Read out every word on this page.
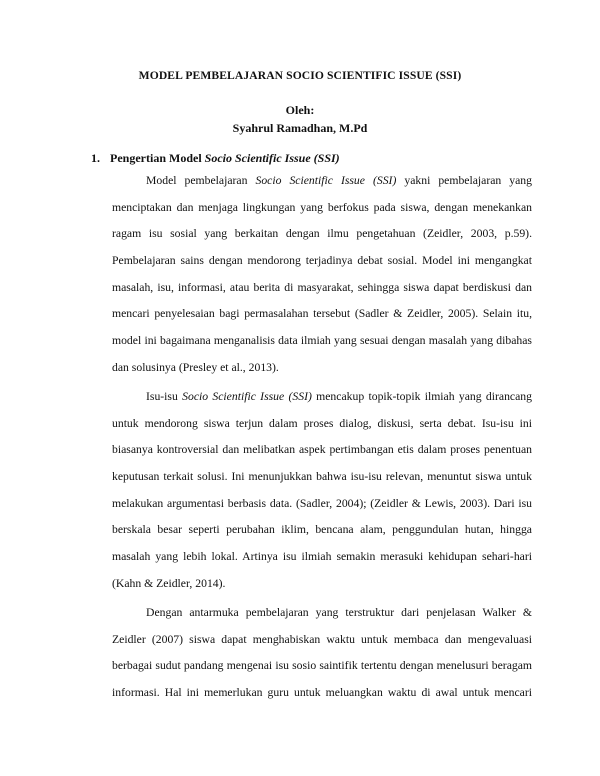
MODEL PEMBELAJARAN SOCIO SCIENTIFIC ISSUE (SSI)
Oleh:
Syahrul Ramadhan, M.Pd
1. Pengertian Model Socio Scientific Issue (SSI)
Model pembelajaran Socio Scientific Issue (SSI) yakni pembelajaran yang
menciptakan dan menjaga lingkungan yang berfokus pada siswa, dengan menekankan
ragam isu sosial yang berkaitan dengan ilmu pengetahuan (Zeidler, 2003, p.59).
Pembelajaran sains dengan mendorong terjadinya debat sosial. Model ini mengangkat
masalah, isu, informasi, atau berita di masyarakat, sehingga siswa dapat berdiskusi dan
mencari penyelesaian bagi permasalahan tersebut (Sadler & Zeidler, 2005). Selain itu,
model ini bagaimana menganalisis data ilmiah yang sesuai dengan masalah yang dibahas
dan solusinya (Presley et al., 2013).
Isu-isu Socio Scientific Issue (SSI) mencakup topik-topik ilmiah yang dirancang
untuk mendorong siswa terjun dalam proses dialog, diskusi, serta debat. Isu-isu ini
biasanya kontroversial dan melibatkan aspek pertimbangan etis dalam proses penentuan
keputusan terkait solusi. Ini menunjukkan bahwa isu-isu relevan, menuntut siswa untuk
melakukan argumentasi berbasis data. (Sadler, 2004); (Zeidler & Lewis, 2003). Dari isu
berskala besar seperti perubahan iklim, bencana alam, penggundulan hutan, hingga
masalah yang lebih lokal. Artinya isu ilmiah semakin merasuki kehidupan sehari-hari
(Kahn & Zeidler, 2014).
Dengan antarmuka pembelajaran yang terstruktur dari penjelasan Walker &
Zeidler (2007) siswa dapat menghabiskan waktu untuk membaca dan mengevaluasi
berbagai sudut pandang mengenai isu sosio saintifik tertentu dengan menelusuri beragam
informasi. Hal ini memerlukan guru untuk meluangkan waktu di awal untuk mencari
